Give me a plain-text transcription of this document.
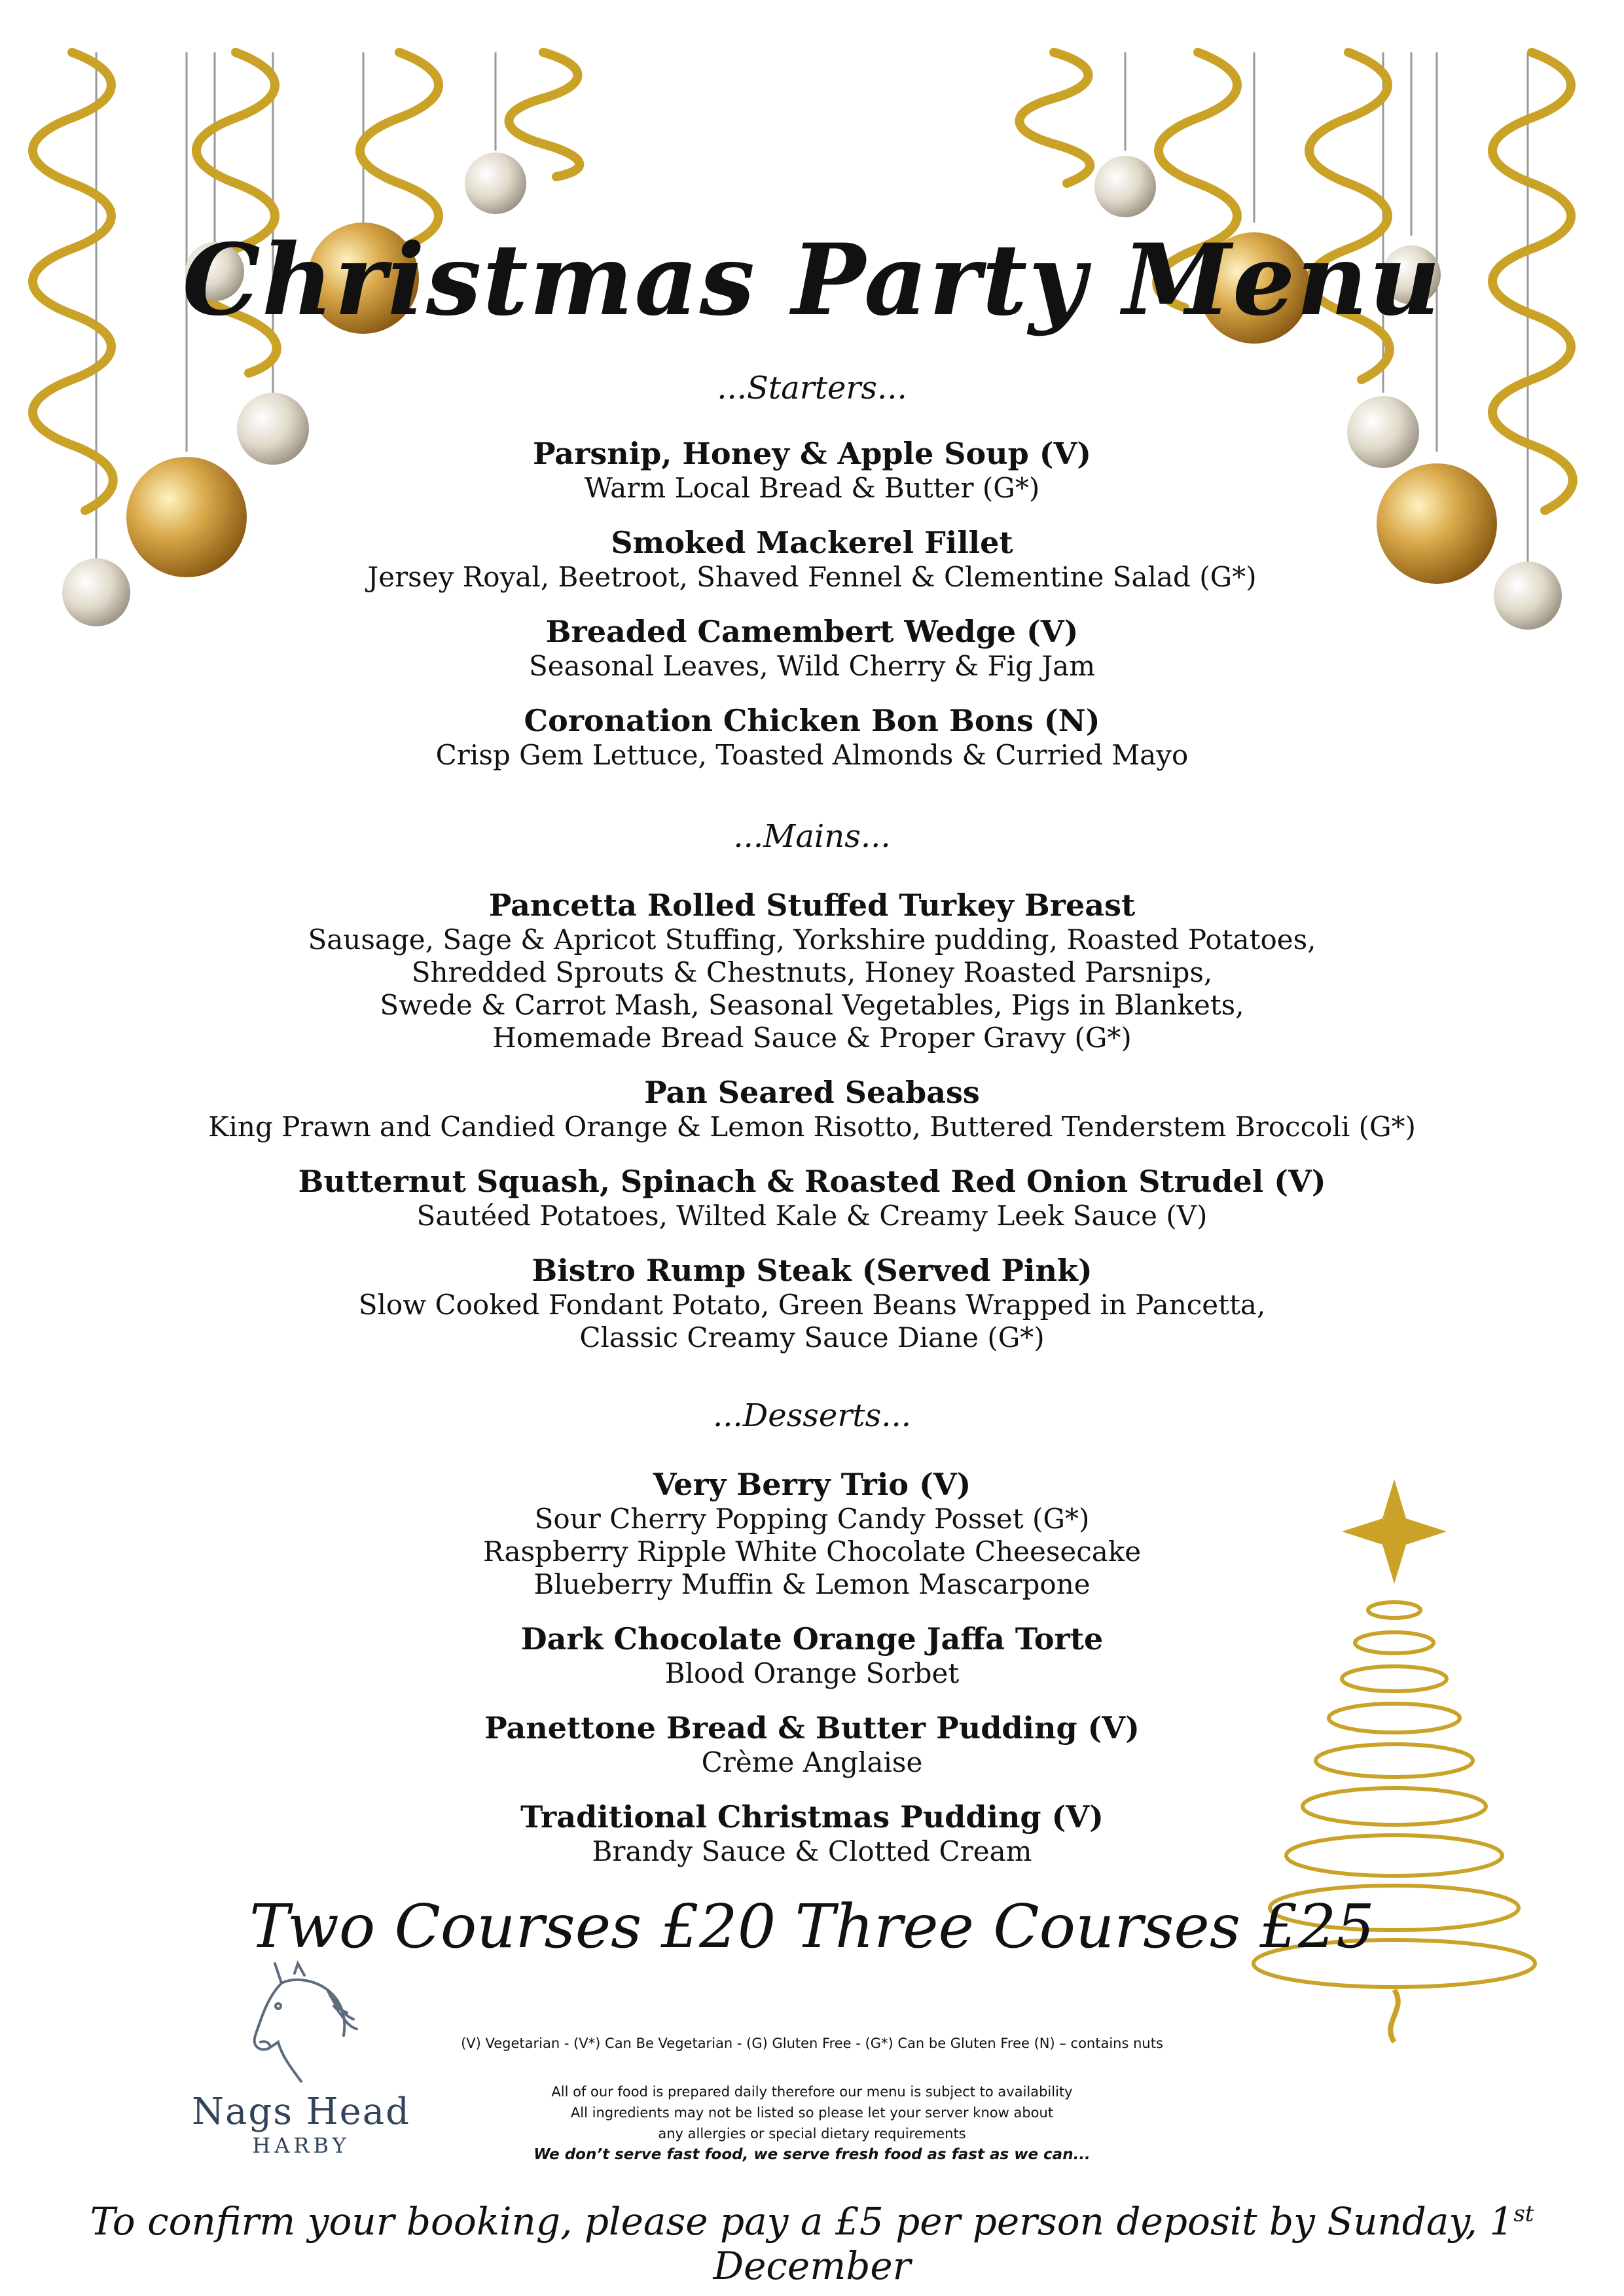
Christmas Party Menu
...Starters...
Parsnip, Honey & Apple Soup (V)
Warm Local Bread & Butter (G*)
Smoked Mackerel Fillet
Jersey Royal, Beetroot, Shaved Fennel & Clementine Salad (G*)
Breaded Camembert Wedge (V)
Seasonal Leaves, Wild Cherry & Fig Jam
Coronation Chicken Bon Bons (N)
Crisp Gem Lettuce, Toasted Almonds & Curried Mayo
...Mains...
Pancetta Rolled Stuffed Turkey Breast
Sausage, Sage & Apricot Stuffing, Yorkshire pudding, Roasted Potatoes,
Shredded Sprouts & Chestnuts, Honey Roasted Parsnips,
Swede & Carrot Mash, Seasonal Vegetables, Pigs in Blankets,
Homemade Bread Sauce & Proper Gravy (G*)
Pan Seared Seabass
King Prawn and Candied Orange & Lemon Risotto, Buttered Tenderstem Broccoli (G*)
Butternut Squash, Spinach & Roasted Red Onion Strudel (V)
Sautéed Potatoes, Wilted Kale & Creamy Leek Sauce (V)
Bistro Rump Steak (Served Pink)
Slow Cooked Fondant Potato, Green Beans Wrapped in Pancetta,
Classic Creamy Sauce Diane (G*)
...Desserts...
Very Berry Trio (V)
Sour Cherry Popping Candy Posset (G*)
Raspberry Ripple White Chocolate Cheesecake
Blueberry Muffin & Lemon Mascarpone
Dark Chocolate Orange Jaffa Torte
Blood Orange Sorbet
Panettone Bread & Butter Pudding (V)
Crème Anglaise
Traditional Christmas Pudding (V)
Brandy Sauce & Clotted Cream
Two Courses £20 Three Courses £25
Nags Head
HARBY
(V) Vegetarian - (V*) Can Be Vegetarian - (G) Gluten Free - (G*) Can be Gluten Free (N) – contains nuts
All of our food is prepared daily therefore our menu is subject to availability
All ingredients may not be listed so please let your server know about
any allergies or special dietary requirements
We don’t serve fast food, we serve fresh food as fast as we can...
To confirm your booking, please pay a £5 per person deposit by Sunday, 1st December
